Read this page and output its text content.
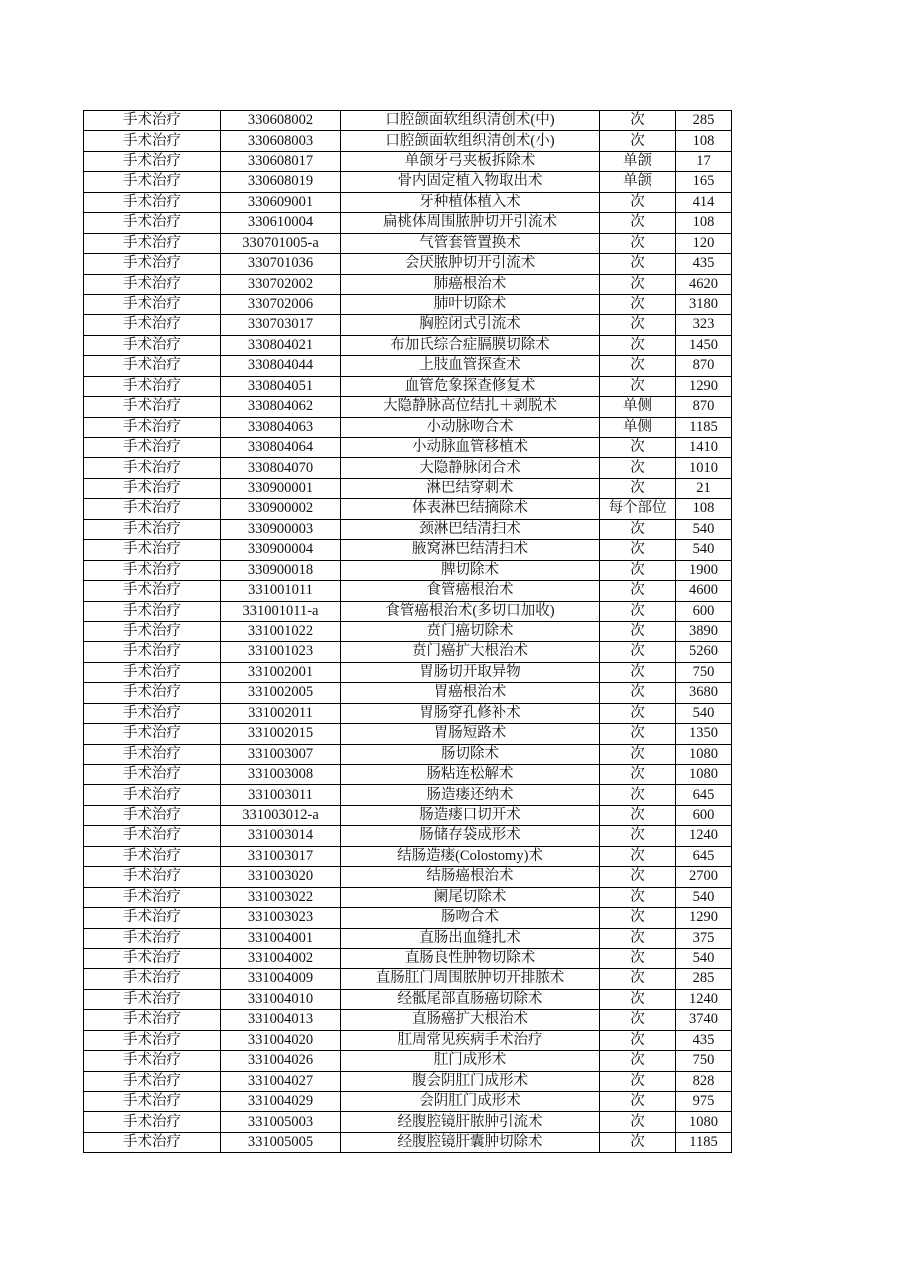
手术治疗	330608002	口腔颌面软组织清创术(中)	次	285
手术治疗	330608003	口腔颌面软组织清创术(小)	次	108
手术治疗	330608017	单颌牙弓夹板拆除术	单颌	17
手术治疗	330608019	骨内固定植入物取出术	单颌	165
手术治疗	330609001	牙种植体植入术	次	414
手术治疗	330610004	扁桃体周围脓肿切开引流术	次	108
手术治疗	330701005-a	气管套管置换术	次	120
手术治疗	330701036	会厌脓肿切开引流术	次	435
手术治疗	330702002	肺癌根治术	次	4620
手术治疗	330702006	肺叶切除术	次	3180
手术治疗	330703017	胸腔闭式引流术	次	323
手术治疗	330804021	布加氏综合症膈膜切除术	次	1450
手术治疗	330804044	上肢血管探查术	次	870
手术治疗	330804051	血管危象探查修复术	次	1290
手术治疗	330804062	大隐静脉高位结扎＋剥脱术	单侧	870
手术治疗	330804063	小动脉吻合术	单侧	1185
手术治疗	330804064	小动脉血管移植术	次	1410
手术治疗	330804070	大隐静脉闭合术	次	1010
手术治疗	330900001	淋巴结穿刺术	次	21
手术治疗	330900002	体表淋巴结摘除术	每个部位	108
手术治疗	330900003	颈淋巴结清扫术	次	540
手术治疗	330900004	腋窝淋巴结清扫术	次	540
手术治疗	330900018	脾切除术	次	1900
手术治疗	331001011	食管癌根治术	次	4600
手术治疗	331001011-a	食管癌根治术(多切口加收)	次	600
手术治疗	331001022	贲门癌切除术	次	3890
手术治疗	331001023	贲门癌扩大根治术	次	5260
手术治疗	331002001	胃肠切开取异物	次	750
手术治疗	331002005	胃癌根治术	次	3680
手术治疗	331002011	胃肠穿孔修补术	次	540
手术治疗	331002015	胃肠短路术	次	1350
手术治疗	331003007	肠切除术	次	1080
手术治疗	331003008	肠粘连松解术	次	1080
手术治疗	331003011	肠造瘘还纳术	次	645
手术治疗	331003012-a	肠造瘘口切开术	次	600
手术治疗	331003014	肠储存袋成形术	次	1240
手术治疗	331003017	结肠造瘘(Colostomy)术	次	645
手术治疗	331003020	结肠癌根治术	次	2700
手术治疗	331003022	阑尾切除术	次	540
手术治疗	331003023	肠吻合术	次	1290
手术治疗	331004001	直肠出血缝扎术	次	375
手术治疗	331004002	直肠良性肿物切除术	次	540
手术治疗	331004009	直肠肛门周围脓肿切开排脓术	次	285
手术治疗	331004010	经骶尾部直肠癌切除术	次	1240
手术治疗	331004013	直肠癌扩大根治术	次	3740
手术治疗	331004020	肛周常见疾病手术治疗	次	435
手术治疗	331004026	肛门成形术	次	750
手术治疗	331004027	腹会阴肛门成形术	次	828
手术治疗	331004029	会阴肛门成形术	次	975
手术治疗	331005003	经腹腔镜肝脓肿引流术	次	1080
手术治疗	331005005	经腹腔镜肝囊肿切除术	次	1185
